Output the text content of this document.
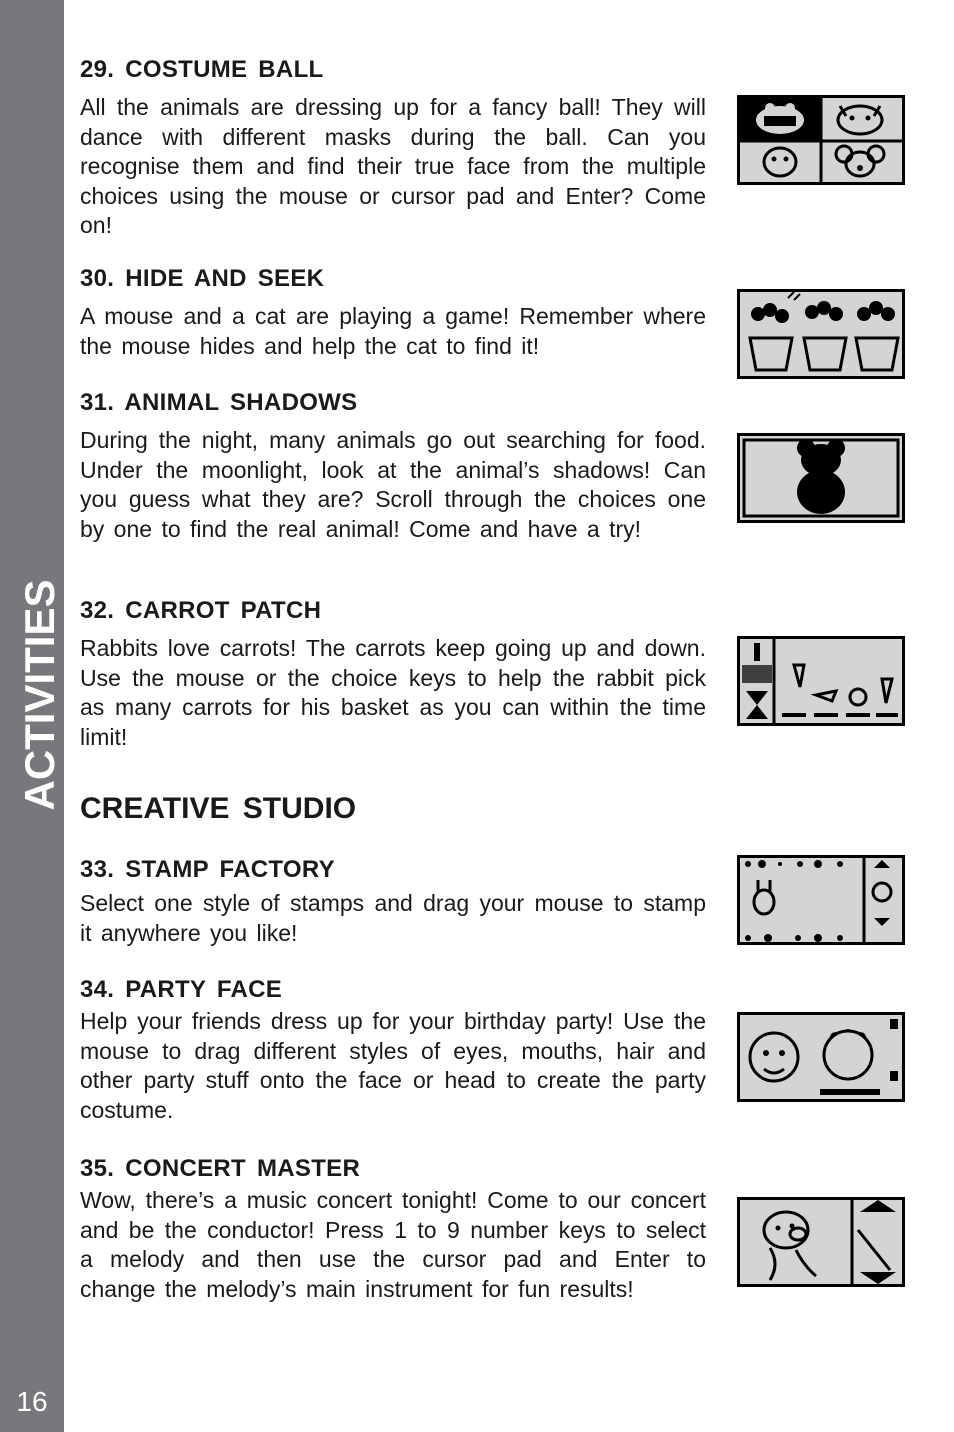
ACTIVITIES
16
29. COSTUME BALL

All the animals are dressing up for a fancy ball! They will dance with different masks during the ball. Can you recognise them and find their true face from the multiple choices using the mouse or cursor pad and Enter? Come on!

30. HIDE AND SEEK

A mouse and a cat are playing a game! Remember where the mouse hides and help the cat to find it!

31. ANIMAL SHADOWS

During the night, many animals go out searching for food. Under the moonlight, look at the animal’s shadows! Can you guess what they are? Scroll through the choices one by one to find the real animal! Come and have a try!

32. CARROT PATCH

Rabbits love carrots! The carrots keep going up and down. Use the mouse or the choice keys to help the rabbit pick as many carrots for his basket as you can within the time limit!

CREATIVE STUDIO
33. STAMP FACTORY

Select one style of stamps and drag your mouse to stamp it anywhere you like!

34. PARTY FACE

Help your friends dress up for your birthday party! Use the mouse to drag different styles of eyes, mouths, hair and other party stuff onto the face or head to create the party costume.

35. CONCERT MASTER

Wow, there’s a music concert tonight! Come to our concert and be the conductor! Press 1 to 9 number keys to select a melody and then use the cursor pad and Enter to change the melody’s main instrument for fun results!
